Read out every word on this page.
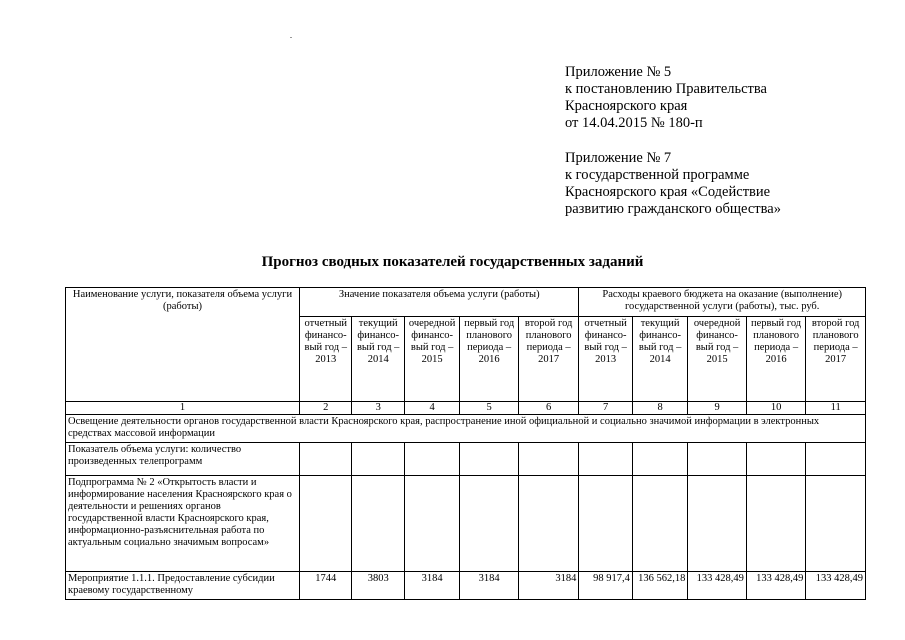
Приложение № 5
к постановлению Правительства
Красноярского края
от 14.04.2015 № 180-п
Приложение № 7
к государственной программе
Красноярского края «Содействие
развитию гражданского общества»
Прогноз сводных показателей государственных заданий
Наименование услуги, показателя объема услуги (работы)	Значение показателя объема услуги (работы)					Расходы краевого бюджета на оказание (выполнение) государственной услуги (работы), тыс. руб.				
	отчетный финансо-вый год – 2013	текущий финансо-вый год – 2014	очередной финансо-вый год – 2015	первый год планового периода – 2016	второй год планового периода – 2017	отчетный финансо-вый год – 2013	текущий финансо-вый год – 2014	очередной финансо-вый год – 2015	первый год планового периода – 2016	второй год планового периода – 2017
1	2	3	4	5	6	7	8	9	10	11
Освещение деятельности органов государственной власти Красноярского края, распространение иной официальной и социально значимой информации в электронных средствах массовой информации										
Показатель объема услуги: количество произведенных телепрограмм										
Подпрограмма № 2 «Открытость власти и информирование населения Красноярского края о деятельности и решениях органов государственной власти Красноярского края, информационно-разъяснительная работа по актуальным социально значимым вопросам»										
Мероприятие 1.1.1. Предоставление субсидии краевому государственному	1744	3803	3184	3184	3184	98 917,4	136 562,18	133 428,49	133 428,49	133 428,49
